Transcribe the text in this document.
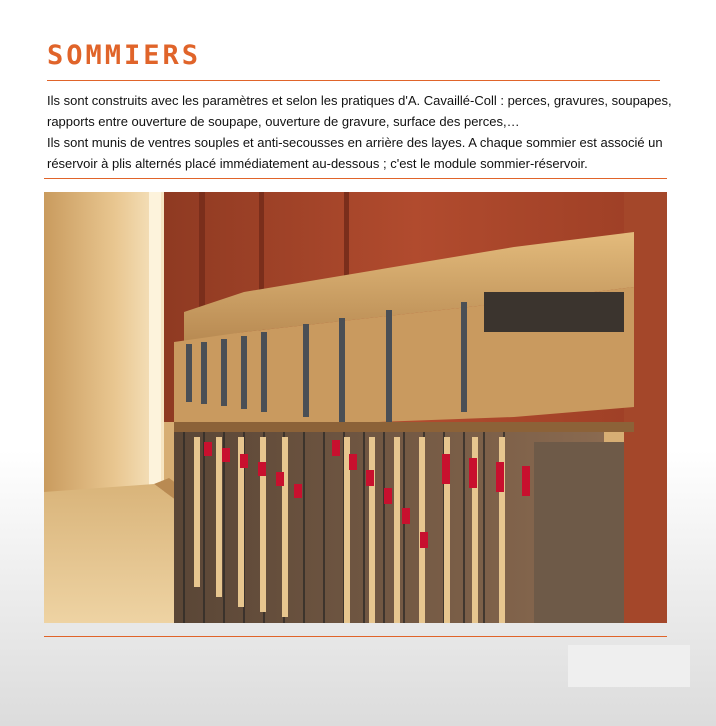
SOMMIERS

Ils sont construits avec les paramètres et selon les pratiques d'A. Cavaillé-Coll : perces, gravures, soupapes, rapports entre ouverture de soupape, ouverture de gravure, surface des perces,…

Ils sont munis de ventres souples et anti-secousses en arrière des layes. A chaque sommier est associé un réservoir à plis alternés placé immédiatement au-dessous ; c'est le module sommier-réservoir.
